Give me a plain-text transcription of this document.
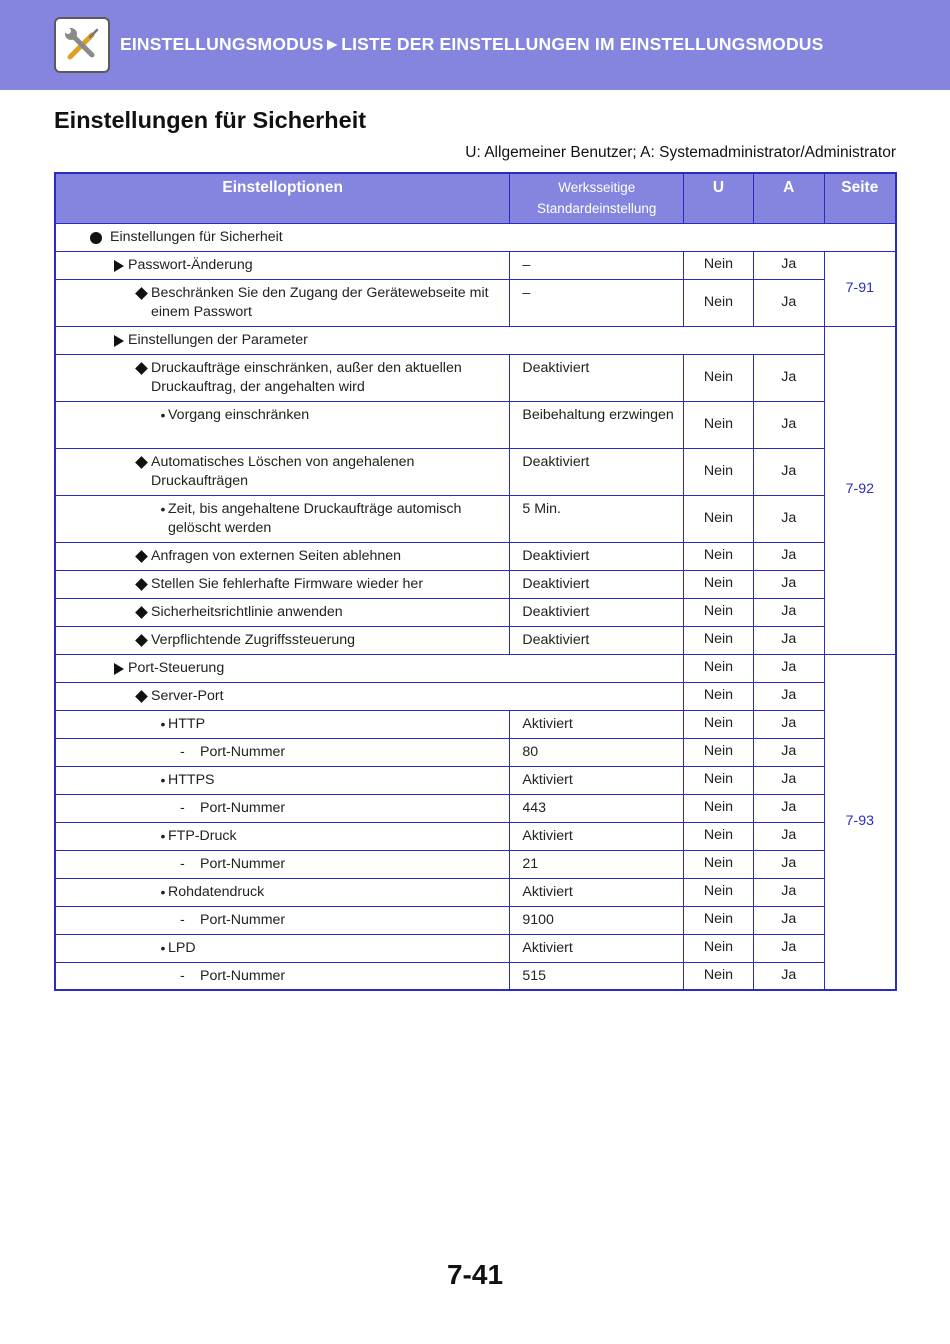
EINSTELLUNGSMODUS►LISTE DER EINSTELLUNGEN IM EINSTELLUNGSMODUS
Einstellungen für Sicherheit
U: Allgemeiner Benutzer; A: Systemadministrator/Administrator
Einstelloptionen	Werksseitige
Standardeinstellung	U	A	Seite

Einstellungen für Sicherheit				

Passwort-Änderung	–	Nein	Ja	7-91

Beschränken Sie den Zugang der Gerätewebseite mit einem Passwort	–	Nein	Ja	

Einstellungen der Parameter				7-92

Druckaufträge einschränken, außer den aktuellen Druckauftrag, der angehalten wird	Deaktiviert	Nein	Ja	

• Vorgang einschränken	Beibehaltung erzwingen	Nein	Ja	

Automatisches Löschen von angehalenen Druckaufträgen	Deaktiviert	Nein	Ja	

• Zeit, bis angehaltene Druckaufträge automisch gelöscht werden	5 Min.	Nein	Ja	

Anfragen von externen Seiten ablehnen	Deaktiviert	Nein	Ja	

Stellen Sie fehlerhafte Firmware wieder her	Deaktiviert	Nein	Ja	

Sicherheitsrichtlinie anwenden	Deaktiviert	Nein	Ja	

Verpflichtende Zugriffssteuerung	Deaktiviert	Nein	Ja	

Port-Steuerung		Nein	Ja	7-93

Server-Port		Nein	Ja	

• HTTP	Aktiviert	Nein	Ja	

- Port-Nummer	80	Nein	Ja	

• HTTPS	Aktiviert	Nein	Ja	

- Port-Nummer	443	Nein	Ja	

• FTP-Druck	Aktiviert	Nein	Ja	

- Port-Nummer	21	Nein	Ja	

• Rohdatendruck	Aktiviert	Nein	Ja	

- Port-Nummer	9100	Nein	Ja	

• LPD	Aktiviert	Nein	Ja	

- Port-Nummer	515	Nein	Ja	
7-41
